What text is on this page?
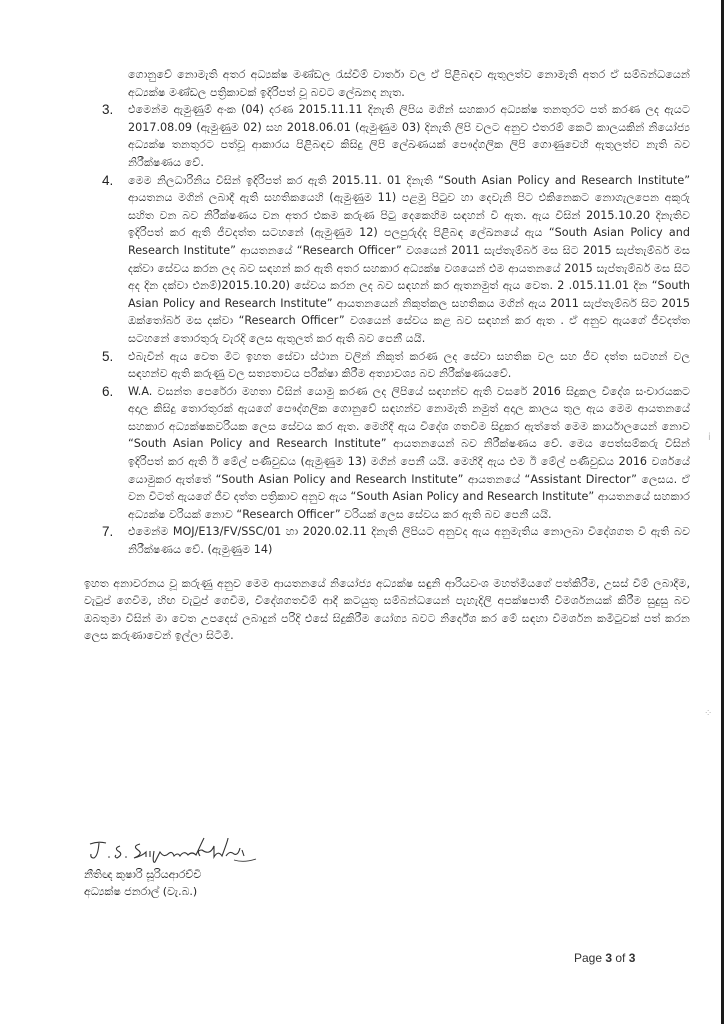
ගොනුවේ නොමැති අතර අධ්‍යක්ෂ මණ්ඩල රැස්වීම් වාර්තා වල ඒ පිළිබඳව ඇතුලත්ව නොමැති අතර ඒ සම්බන්ධයෙන් අධ්‍යක්ෂ මණ්ඩල පත්‍රිකාවක් ඉදිරිපත් වූ බවට ලේඛනද නැත.

3. එමෙන්ම ඇමුණුම් අංක (04) දරණ 2015.11.11 දිනැති ලිපිය මගින් සහකාර අධ්‍යක්ෂ තනතුරට පත් කරණ ලද ඇයට 2017.08.09 (ඇමුණුම 02) සහ 2018.06.01 (ඇමුණුම 03) දිනැති ලිපි වලට අනුව එතරම් කෙටි කාලයකින් නියෝජ්‍ය අධ්‍යක්ෂ තනතුරට පත්වූ ආකාරය පිළිබඳව කිසිදු ලිපි ලේඛණයක් පෞද්ගලික ලිපි ගොණුවෙහි ඇතුලත්ව නැති බව නිරීක්ෂණය වේ.
4. මෙම නිලධාරිනිය විසින් ඉදිරිපත් කර ඇති 2015.11. 01 දිනැති “South Asian Policy and Research Institute” ආයතනය මගින් ලබාදී ඇති සහතිකයෙහි (ඇමුණුම 11) පළමු පිටුව හා දෙවැනි පිට එකිනෙකට නොගැලපෙන අකුරු සහිත වන බව නිරීක්ෂණය වන අතර එකම කරුණ පිටු දෙකෙහිම සඳහන් වී ඇත. ඇය විසින් 2015.10.20 දිනැතිව ඉදිරිපත් කර ඇති ජීවදත්ත සටහනේ (ඇමුණුම 12) පලපුරුද්ද පිළිබඳ ලේඛනයේ ඇය “South Asian Policy and Research Institute” ආයතනයේ “Research Officer” වශයෙන් 2011 සැප්තැම්බර් මස සිට 2015 සැප්තැම්බර් මස දක්වා සේවය කරන ලද බව සඳහන් කර ඇති අතර සහකාර අධ්‍යක්ෂ වශයෙන් එම ආයතනයේ 2015 සැප්තැම්බර් මස සිට අද දින දක්වා එනම්)2015.10.20) සේවය කරන ලද බව සඳහන් කර ඇතනමුත් ඇය වෙත. 2 .015.11.01 දින “South Asian Policy and Research Institute” ආයතනයෙන් නිකුත්කල සහතිකය මගින් ඇය 2011 සැප්තැම්බර් සිට 2015 ඔක්තෝබර් මස දක්වා “Research Officer” වශයෙන් සේවය කළ බව සඳහන් කර ඇත . ඒ අනුව ඇයගේ ජීවදත්ත සටහනේ තොරතුරු වැරදි ලෙස ඇතුලත් කර ඇති බව පෙනී යයි.
5. එබැවින් ඇය වෙත මීට ඉහත සේවා ස්ථාන වලින් නිකුත් කරණ ලද සේවා සහතික වල සහ ජීව දත්ත සටහන් වල සඳහන්ව ඇති කරුණු වල සත්‍යතාවය පරීක්ෂා කිරීම අත්‍යාවශ්‍ය බව නිරීක්ෂණයවේ.
6. W.A. වසන්ත පෙරේරා මහතා විසින් යොමු කරණ ලද ලිපියේ සඳහන්ව ඇති වසරේ 2016 සිදුකල විදේශ සංචාරයකට අදාල කිසිදු තොරතුරක් ඇයගේ පෞද්ගලික ගොනුවේ සඳහන්ව නොමැති නමුත් අදාල කාලය තුල ඇය මෙම ආයතනයේ සහකාර අධ්‍යක්ෂකවරියක ලෙස සේවය කර ඇත. මෙහිදී ඇය විදේශ ගතවීම සිදුකර ඇත්තේ මෙම කාර්යාලයෙන් නොව “South Asian Policy and Research Institute” ආයතනයෙන් බව නිරීක්ෂණය වේ. මෙය පෙත්සම්කරු විසින් ඉදිරිපත් කර ඇති ඊ මේල් පණිවුඩය (ඇමුණුම 13) මගින් පෙනී යයි. මෙහිදී ඇය එම ඊ මේල් පණිවුඩය 2016 වර්ශයේ යොමුකර ඇත්තේ “South Asian Policy and Research Institute” ආයතනයේ “Assistant Director” ලෙසය. ඒ වන විටත් ඇයගේ ජීව දත්ත පත්‍රිකාව අනුව ඇය “South Asian Policy and Research Institute” ආයතනයේ සහකාර අධ්‍යක්ෂ වරියක් නොව “Research Officer” වරියක් ලෙස සේවය කර ඇති බව පෙනී යයි.
7. එමෙන්ම MOJ/E13/FV/SSC/01 හා 2020.02.11 දිනැති ලිපියට අනුවද ඇය අනුමැතිය නොලබා විදේශගත වී ඇති බව නිරීක්ෂණය වේ. (ඇමුණුම 14)

ඉහත අනාවරනය වූ කරුණු අනුව මෙම ආයතනයේ නියෝජ්‍ය අධ්‍යක්ෂ සඳුනි ආරියවංශ මහත්මියගේ පත්කිරීම, උසස් වීම් ලබාදීම, වැටුප් ගෙවීම, හිඟ වැටුප් ගෙවීම, විදේශගතවීම් ආදී කටයුතු සම්බන්ධයෙන් පැහැදිලි අපක්ෂපාතී විමර්ශනයක් කිරීම සුදුසු බව ඔබතුමා විසින් මා වෙත උපදෙස් ලබාදුන් පරිදි එසේ සිදුකිරීම යෝග්‍ය බවට නිර්දේශ කර මේ සඳහා විමර්ශන කමිටුවක් පත් කරන ලෙස කරුණාවෙන් ඉල්ලා සිටිමි.

නීතිඥ කුෂාරි සූරියආරච්චි
අධ්‍යක්ෂ ජනරාල් (වැ.බ.)
Page 3 of 3
ⅰ
⁘
